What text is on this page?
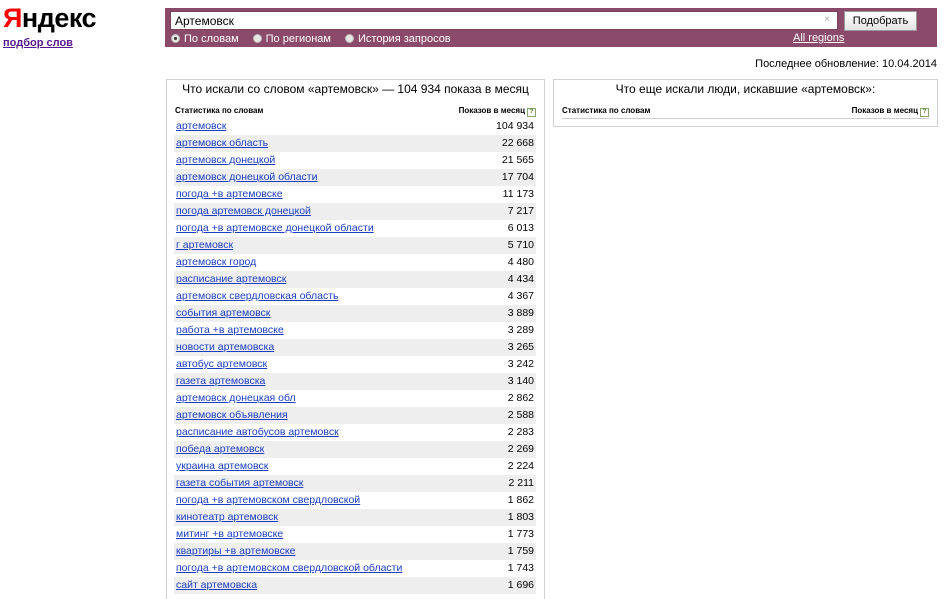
Яндекс
подбор слов
Артемовск
×	Подобрать
По словам По регионам История запросов	All regions
Последнее обновление: 10.04.2014
Что искали со словом «артемовск» — 104 934 показа в месяц
Статистика по словам	Показов в месяц ?
артемовск	104 934
артемовск область	22 668
артемовск донецкой	21 565
артемовск донецкой области	17 704
погода +в артемовске	11 173
погода артемовск донецкой	7 217
погода +в артемовске донецкой области	6 013
г артемовск	5 710
артемовск город	4 480
расписание артемовск	4 434
артемовск свердловская область	4 367
события артемовск	3 889
работа +в артемовске	3 289
новости артемовска	3 265
автобус артемовск	3 242
газета артемовска	3 140
артемовск донецкая обл	2 862
артемовск объявления	2 588
расписание автобусов артемовск	2 283
победа артемовск	2 269
украина артемовск	2 224
газета события артемовск	2 211
погода +в артемовском свердловской	1 862
кинотеатр артемовск	1 803
митинг +в артемовске	1 773
квартиры +в артемовске	1 759
погода +в артемовском свердловской области	1 743
сайт артемовска	1 696
Что еще искали люди, искавшие «артемовск»:
Статистика по словам	Показов в месяц ?
